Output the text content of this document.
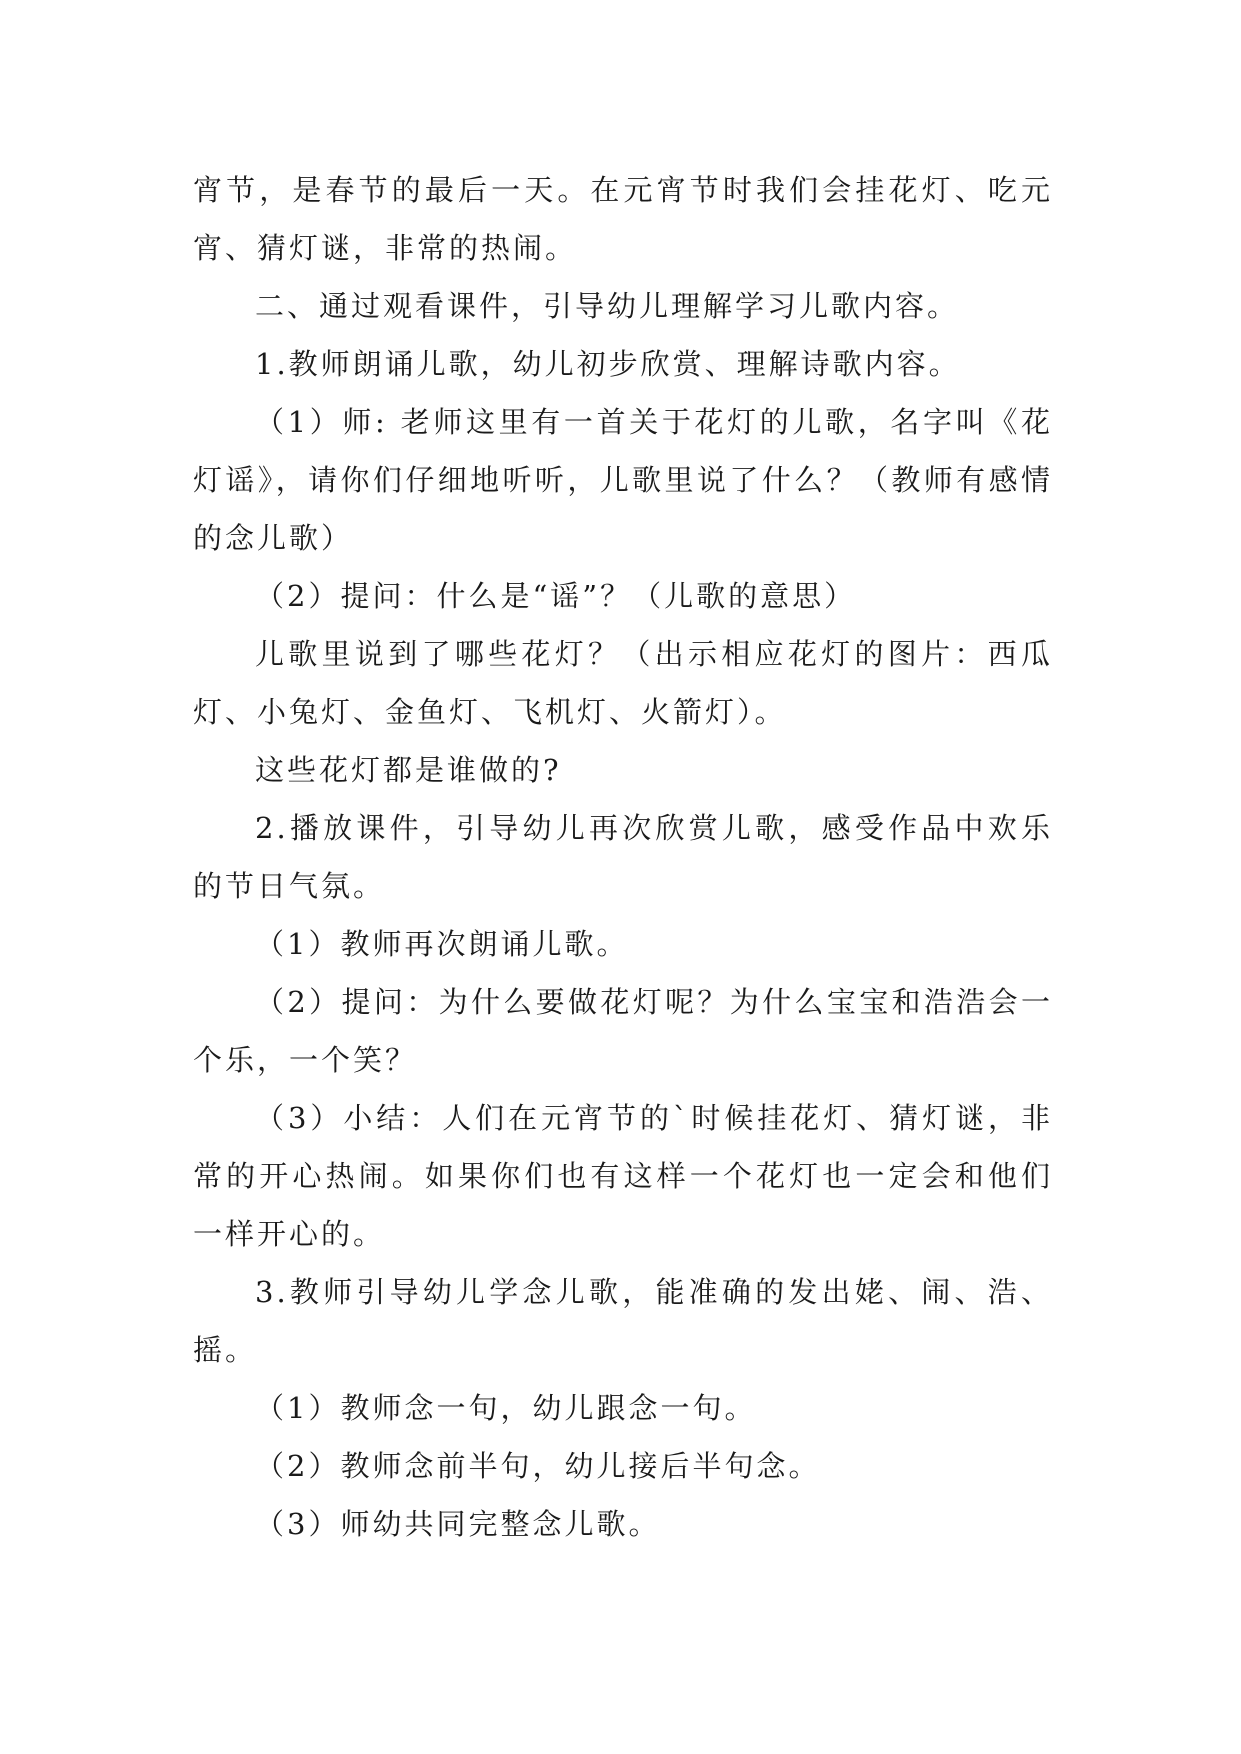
宵节，是春节的最后一天。在元宵节时我们会挂花灯、吃元宵、猜灯谜，非常的热闹。

二、通过观看课件，引导幼儿理解学习儿歌内容。

1.教师朗诵儿歌，幼儿初步欣赏、理解诗歌内容。

（1）师: 老师这里有一首关于花灯的儿歌，名字叫《花灯谣》，请你们仔细地听听，儿歌里说了什么？（教师有感情的念儿歌）

（2）提问：什么是“谣”？（儿歌的意思）

儿歌里说到了哪些花灯？（出示相应花灯的图片：西瓜灯、小兔灯、金鱼灯、飞机灯、火箭灯）。

这些花灯都是谁做的?

2.播放课件，引导幼儿再次欣赏儿歌，感受作品中欢乐的节日气氛。

（1）教师再次朗诵儿歌。

（2）提问：为什么要做花灯呢？为什么宝宝和浩浩会一个乐，一个笑？

（3）小结：人们在元宵节的`时候挂花灯、猜灯谜，非常的开心热闹。如果你们也有这样一个花灯也一定会和他们一样开心的。

3.教师引导幼儿学念儿歌，能准确的发出姥、闹、浩、摇。

（1）教师念一句，幼儿跟念一句。

（2）教师念前半句，幼儿接后半句念。

（3）师幼共同完整念儿歌。
